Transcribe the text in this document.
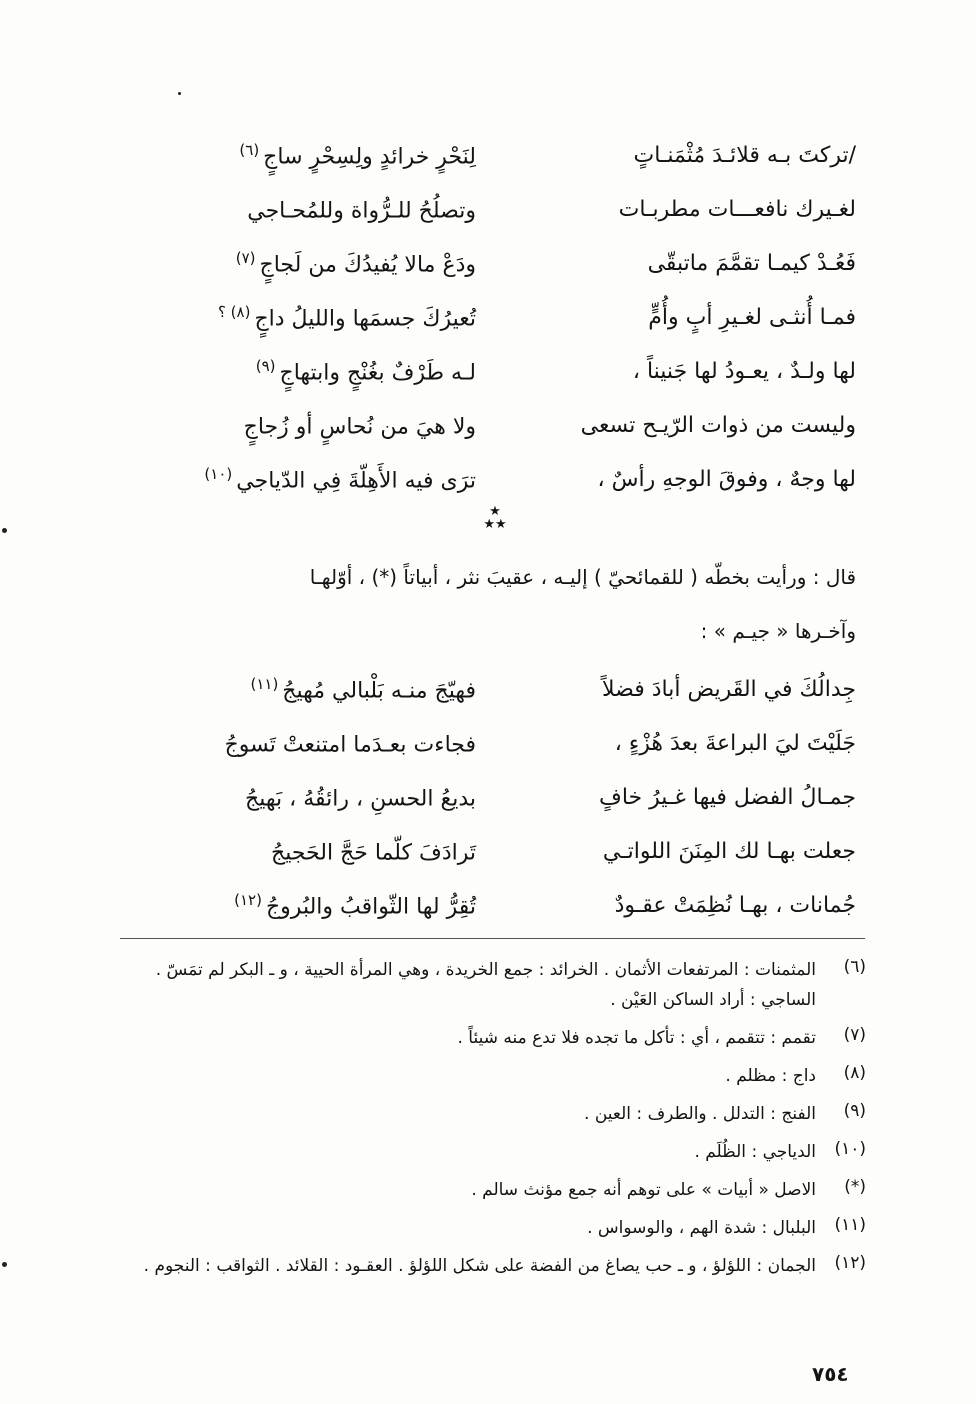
/تركتَ بـه قلائـدَ مُثْمَنـاتٍ
لِنَحْرٍ خرائدٍ ولِسِحْرٍ ساجٍ$^{(٦)}$
لغـيرك نافعـــات مطربـات
وتصلُحُ للـرُّواة وللمُحـاجي
فَعُـدْ كيمـا تقمَّمَ ماتبقّى
ودَعْ مالا يُفيدُكَ من لَجاجٍ$^{(٧)}$
فمـا أُنثـى لغـيرِ أبٍ وأُمٍّ
تُعيرُكَ جسمَها والليلُ داجٍ$^{(٨) ؟}$
لها ولـدٌ ، يعـودُ لها جَنيناً ،
لـه طَرْفٌ بغُنْجٍ وابتهاجٍ$^{(٩)}$
وليست من ذوات الرّيـح تسعى
ولا هيَ من نُحاسٍ أو زُجاجٍ
لها وجهٌ ، وفوقَ الوجهِ رأسٌ ،
ترَى فيه الأَهِلّةَ فِي الدّياجي$^{(١٠)}$
★
★★
قال : ورأيت بخطّه ( للقمائحيّ ) إليـه ، عقيبَ نثر ، أبياتاً (*) ، أوّلهـا
وآخـرها « جيـم » :
جِدالُكَ في القَريض أبادَ فضلاً
فهيّجَ منـه بَلْبالي مُهيجُ$^{(١١)}$
جَلَيْتَ ليَ البراعةَ بعدَ هُزْءٍ ،
فجاءت بعـدَما امتنعتْ تَسوجُ
جمـالُ الفضل فيها غـيرُ خافٍ
بديعُ الحسنِ ، رائقُهُ ، بَهيجُ
جعلت بهـا لك المِنَنَ اللواتـي
تَرادَفَ كلّما حَجَّ الحَجيجُ
جُمانات ، بهـا نُظِمَتْ عقـودٌ
تُقِرُّ لها الثّواقبُ والبُروجُ$^{(١٢)}$
(٦)
المثمنات : المرتفعات الأثمان . الخرائد : جمع الخريدة ، وهي المرأة الحيية ، و ـ البكر لم تمَسّ . الساجي : أراد الساكن العَيْن .
(٧)
تقمم : تتقمم ، أي : تأكل ما تجده فلا تدع منه شيئاً .
(٨)
داج : مظلم .
(٩)
الفنج : التدلل . والطرف : العين .
(١٠)
الدياجي : الظُلَم .
(*)
الاصل « أبيات » على توهم أنه جمع مؤنث سالم .
(١١)
البلبال : شدة الهم ، والوسواس .
(١٢)
الجمان : اللؤلؤ ، و ـ حب يصاغ من الفضة على شكل اللؤلؤ . العقـود : القلائد . الثواقب : النجوم .
٧٥٤
